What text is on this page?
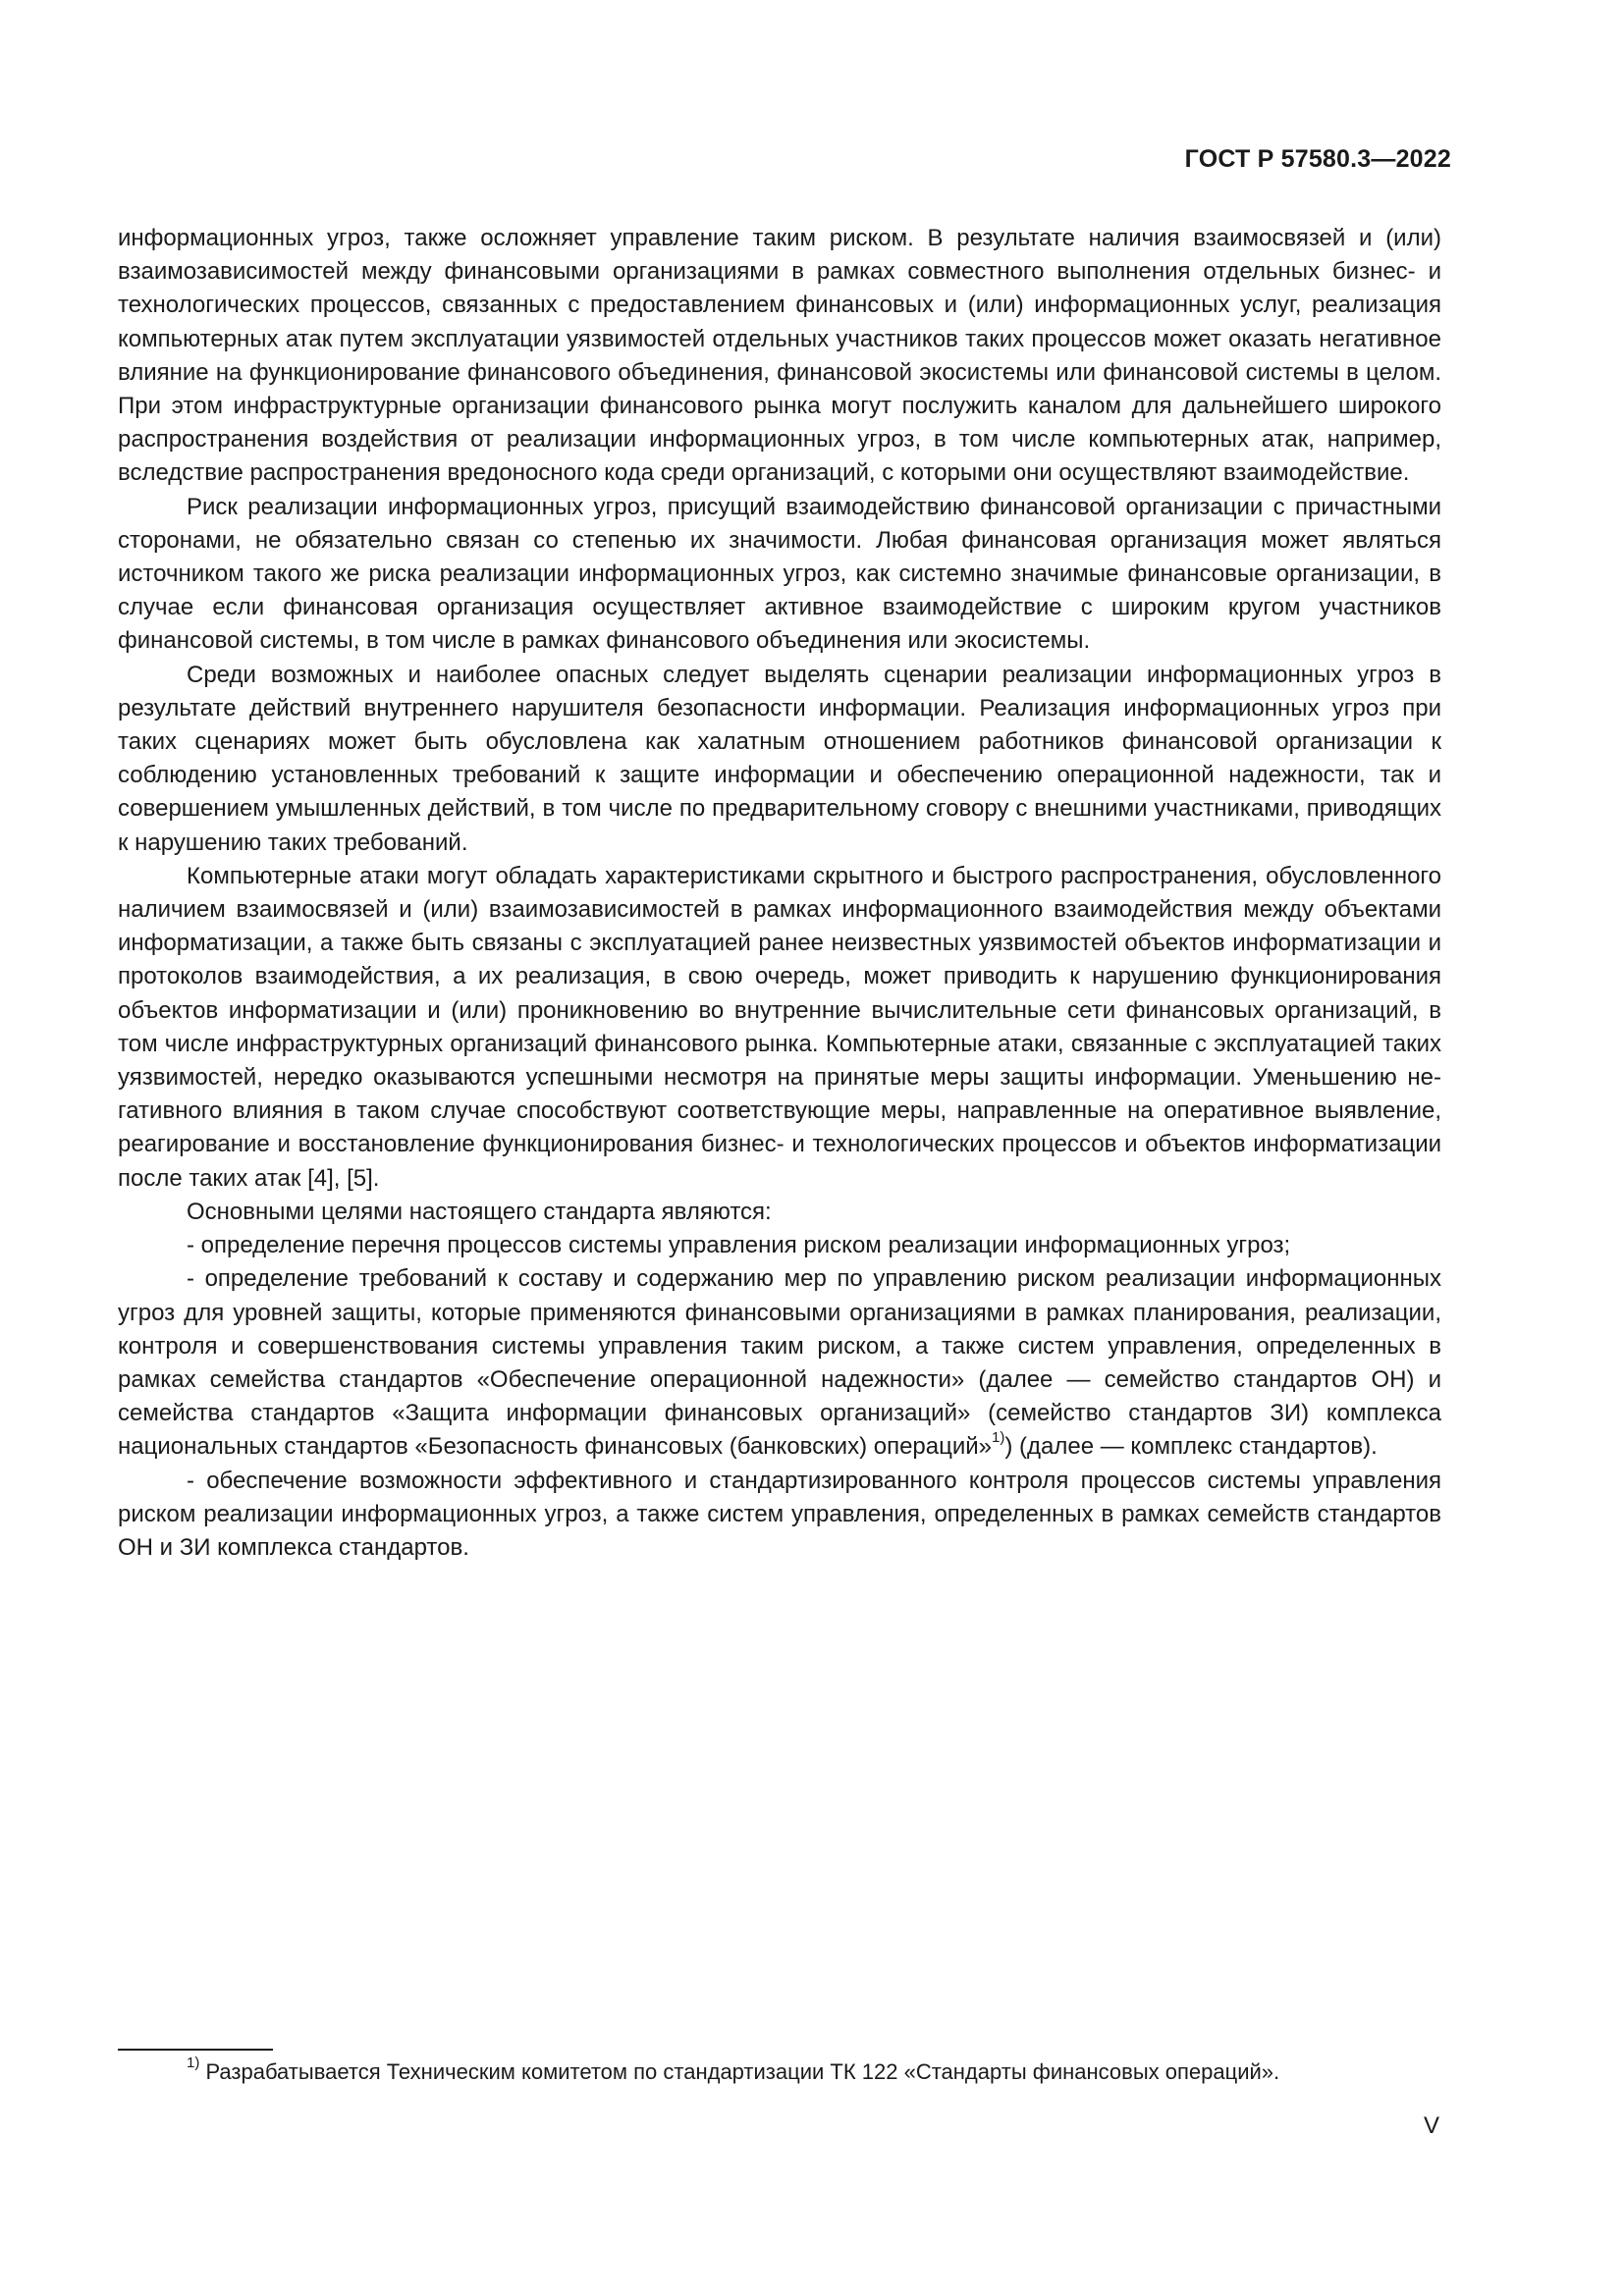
ГОСТ Р 57580.3—2022

информационных угроз, также осложняет управление таким риском. В результате наличия взаимосвязей и (или) взаимозависимостей между финансовыми организациями в рамках совместного выполнения отдельных бизнес- и технологических процессов, связанных с предоставлением финансовых и (или) информационных услуг, реализация компьютерных атак путем эксплуатации уязвимостей отдельных участников таких процессов может оказать негативное влияние на функционирование финансового объединения, финансовой экосистемы или финансовой системы в целом. При этом инфраструктурные организации финансового рынка могут послужить каналом для дальнейшего широкого распространения воздействия от реализации информационных угроз, в том числе компьютерных атак, например, вследствие распространения вредоносного кода среди организаций, с которыми они осуществляют взаимодействие.

Риск реализации информационных угроз, присущий взаимодействию финансовой организации с причастными сторонами, не обязательно связан со степенью их значимости. Любая финансовая организация может являться источником такого же риска реализации информационных угроз, как системно значимые финансовые организации, в случае если финансовая организация осуществляет активное взаимодействие с широким кругом участников финансовой системы, в том числе в рамках финансового объединения или экосистемы.

Среди возможных и наиболее опасных следует выделять сценарии реализации информационных угроз в результате действий внутреннего нарушителя безопасности информации. Реализация информационных угроз при таких сценариях может быть обусловлена как халатным отношением работников финансовой организации к соблюдению установленных требований к защите информации и обеспечению операционной надежности, так и совершением умышленных действий, в том числе по предварительному сговору с внешними участниками, приводящих к нарушению таких требований.

Компьютерные атаки могут обладать характеристиками скрытного и быстрого распространения, обусловленного наличием взаимосвязей и (или) взаимозависимостей в рамках информационного взаимодействия между объектами информатизации, а также быть связаны с эксплуатацией ранее неизвестных уязвимостей объектов информатизации и протоколов взаимодействия, а их реализация, в свою очередь, может приводить к нарушению функционирования объектов информатизации и (или) проникновению во внутренние вычислительные сети финансовых организаций, в том числе инфраструктурных организаций финансового рынка. Компьютерные атаки, связанные с эксплуатацией таких уязвимостей, нередко оказываются успешными несмотря на принятые меры защиты информации. Уменьшению негативного влияния в таком случае способствуют соответствующие меры, направленные на оперативное выявление, реагирование и восстановление функционирования бизнес- и технологических процессов и объектов информатизации после таких атак [4], [5].

Основными целями настоящего стандарта являются:

- определение перечня процессов системы управления риском реализации информационных угроз;

- определение требований к составу и содержанию мер по управлению риском реализации информационных угроз для уровней защиты, которые применяются финансовыми организациями в рамках планирования, реализации, контроля и совершенствования системы управления таким риском, а также систем управления, определенных в рамках семейства стандартов «Обеспечение операционной надежности» (далее — семейство стандартов ОН) и семейства стандартов «Защита информации финансовых организаций» (семейство стандартов ЗИ) комплекса национальных стандартов «Безопасность финансовых (банковских) операций»$^{1)}$) (далее — комплекс стандартов).

- обеспечение возможности эффективного и стандартизированного контроля процессов системы управления риском реализации информационных угроз, а также систем управления, определенных в рамках семейств стандартов ОН и ЗИ комплекса стандартов.

$^{1)}$ Разрабатывается Техническим комитетом по стандартизации ТК 122 «Стандарты финансовых операций».
V
